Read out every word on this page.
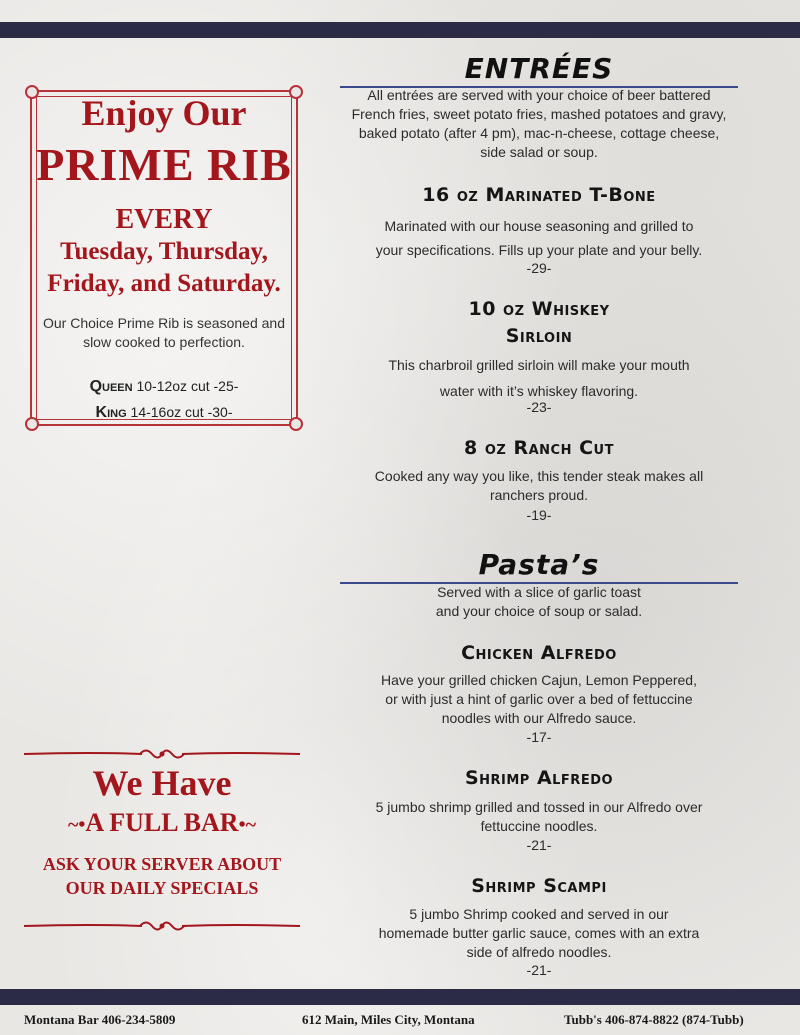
Enjoy Our
PRIME RIB
EVERY
Tuesday, Thursday,
Friday, and Saturday.
Our Choice Prime Rib is seasoned and
slow cooked to perfection.
Queen 10-12oz cut -25-
King 14-16oz cut -30-
We Have
~•A FULL BAR•~
ASK YOUR SERVER ABOUT
OUR DAILY SPECIALS
ENTRÉES
All entrées are served with your choice of beer battered
French fries, sweet potato fries, mashed potatoes and gravy,
baked potato (after 4 pm), mac-n-cheese, cottage cheese,
side salad or soup.
16 oz Marinated T-Bone
Marinated with our house seasoning and grilled to
your specifications. Fills up your plate and your belly.
-29-
10 oz Whiskey
Sirloin
This charbroil grilled sirloin will make your mouth
water with it’s whiskey flavoring.
-23-
8 oz Ranch Cut
Cooked any way you like, this tender steak makes all
ranchers proud.
-19-
Pasta’s
Served with a slice of garlic toast
and your choice of soup or salad.
Chicken Alfredo
Have your grilled chicken Cajun, Lemon Peppered,
or with just a hint of garlic over a bed of fettuccine
noodles with our Alfredo sauce.
-17-
Shrimp Alfredo
5 jumbo shrimp grilled and tossed in our Alfredo over
fettuccine noodles.
-21-
Shrimp Scampi
5 jumbo Shrimp cooked and served in our
homemade butter garlic sauce, comes with an extra
side of alfredo noodles.
-21-
Montana Bar 406-234-5809	612 Main, Miles City, Montana	Tubb's 406-874-8822 (874-Tubb)
